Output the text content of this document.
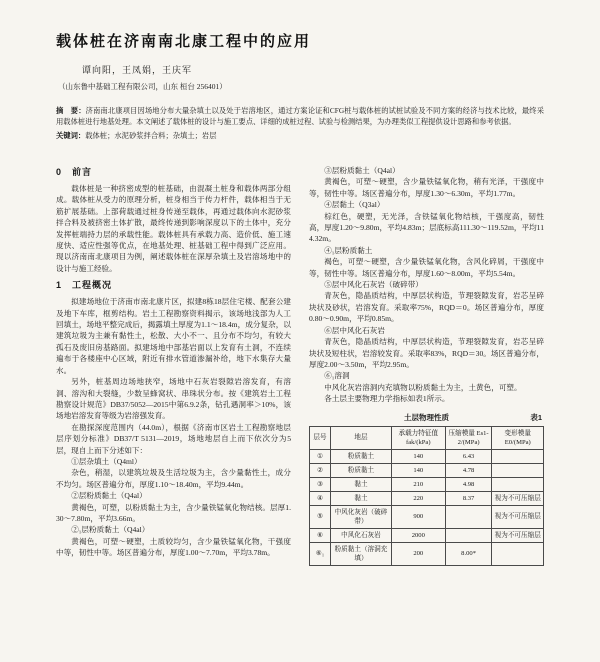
载体桩在济南南北康工程中的应用
谭向阳，王凤娟，王庆军
（山东鲁中基础工程有限公司，山东 桓台 256401）

摘　要：济南南北康项目因场地分布大量杂填土以及处于岩溶地区，通过方案论证和CFG桩与载体桩的试桩试验及不同方案的经济与技术比较，最终采用载体桩进行地基处理。本文阐述了载体桩的设计与施工要点、详细的成桩过程、试验与检测结果，为办理类似工程提供设计思路和参考依据。

关键词：载体桩；水泥砂浆拌合料；杂填土；岩层

0　前言

载体桩是一种挤密成型的桩基础，由混凝土桩身和载体两部分组成。载体桩从受力的原理分析，桩身相当于传力杆件，载体相当于无筋扩展基础。上部荷载通过桩身传递至载体，再通过载体向水泥砂浆拌合料及被挤密土体扩散，最终传递到影响深度以下的土体中，充分发挥桩端持力层的承载性能。载体桩具有承载力高、造价低、施工速度快、适应性强等优点，在地基处理、桩基础工程中得到广泛应用。现以济南南北康项目为例，阐述载体桩在深厚杂填土及岩溶场地中的设计与施工经验。

1　工程概况

拟建场地位于济南市南北康片区，拟建8栋18层住宅楼、配套公建及地下车库，框剪结构。岩土工程勘察资料揭示，该场地浅部为人工回填土，场地平整完成后，揭露填土厚度为1.1～18.4m，成分复杂，以建筑垃圾为主兼有黏性土，松散、大小不一、且分布不均匀，有较大孤石及废旧房基路面。拟建场地中部基岩面以上发育有土洞，不连续遍布于各楼座中心区域，附近有排水管道渗漏补给，地下水集存大量水。

另外，桩基周边场地狭窄，场地中石灰岩裂隙岩溶发育，有溶洞、溶沟和大裂缝，少数呈蜂窝状、串珠状分布。按《建筑岩土工程勘察设计规范》DB37/5052—2015中第6.9.2条，钻孔遇洞率＞10%，该场地岩溶发育等级为岩溶强发育。

在勘探深度范围内（44.0m），根据《济南市区岩土工程勘察地层层序划分标准》DB37/T 5131—2019，场地地层自上而下依次分为5层，现自上而下分述如下：

①层杂填土（Q4ml）

杂色，稍湿，以建筑垃圾及生活垃圾为主，含少量黏性土，成分不均匀。场区普遍分布，厚度1.10～18.40m，平均9.44m。

②层粉质黏土（Q4al）

黄褐色，可塑，以粉质黏土为主，含少量铁锰氧化物结核。层厚1.30～7.80m，平均3.66m。

②₁层粉质黏土（Q4al）

黄褐色，可塑～硬塑，土质较均匀，含少量铁锰氧化物，干强度中等，韧性中等。场区普遍分布，厚度1.00～7.70m，平均3.78m。

③层粉质黏土（Q4al）

黄褐色，可塑～硬塑，含少量铁锰氧化物，稍有光泽，干强度中等，韧性中等。场区普遍分布，厚度1.30～6.30m，平均1.77m。

④层黏土（Q3al）

棕红色，硬塑，无光泽，含铁锰氧化物结核，干强度高，韧性高，厚度1.20～9.80m，平均4.83m；层底标高111.30～119.52m，平均114.32m。

④₁层粉质黏土

褐色，可塑～硬塑，含少量铁锰氧化物，含风化碎屑，干强度中等，韧性中等。场区普遍分布，厚度1.60～8.00m，平均5.54m。

⑤层中风化石灰岩（破碎带）

青灰色，隐晶质结构，中厚层状构造，节理裂隙发育，岩芯呈碎块状及砂状，岩溶发育。采取率75%，RQD＝0。场区普遍分布，厚度0.80～0.90m，平均0.85m。

⑥层中风化石灰岩

青灰色，隐晶质结构，中厚层状构造，节理裂隙发育，岩芯呈碎块状及短柱状，岩溶较发育。采取率83%，RQD＝30。场区普遍分布，厚度2.00～3.50m，平均2.95m。

⑥₁溶洞

中风化灰岩溶洞内充填物以粉质黏土为主，土黄色，可塑。

各土层主要物理力学指标如表1所示。

土层物理性质	表1
层号	地层	承载力特征值 fak/(kPa)	压缩模量 Es1-2/(MPa)	变形模量 E0/(MPa)
①	粉质黏土	140	6.43	
②	粉质黏土	140	4.78	
③	黏土	210	4.98	
④	黏土	220	8.37	视为不可压缩层
⑤	中风化灰岩（破碎带）	900		视为不可压缩层
⑥	中风化石灰岩	2000		视为不可压缩层
⑥₁	粉质黏土（溶洞充填）	200	8.00*	
